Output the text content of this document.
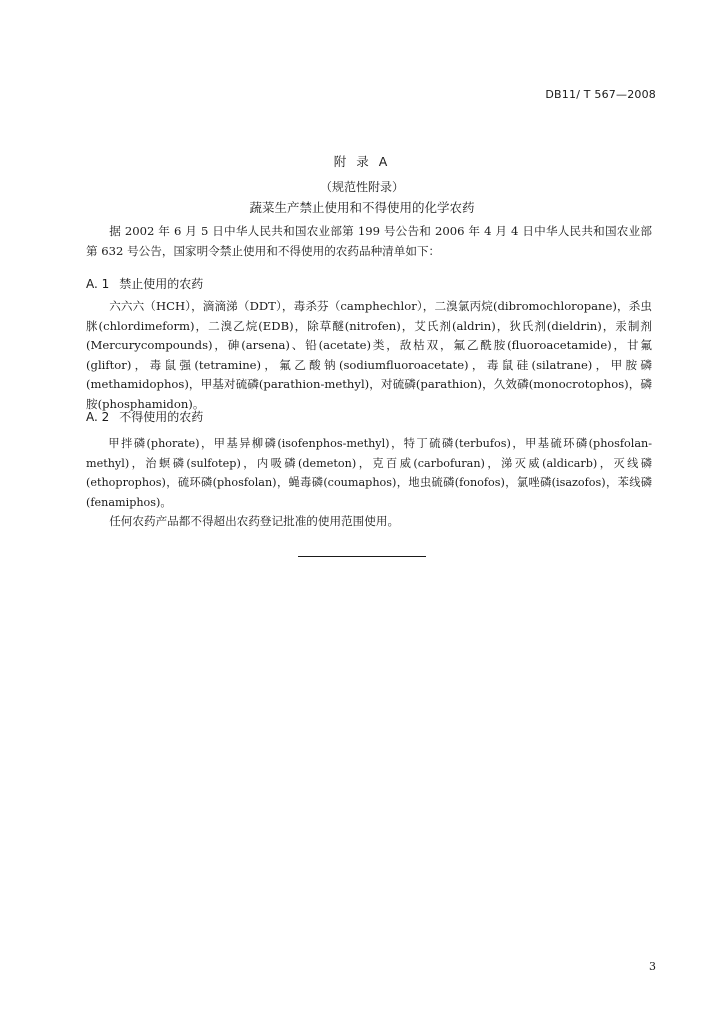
DB11/ T 567—2008
附 录 A
（规范性附录）
蔬菜生产禁止使用和不得使用的化学农药

据 2002 年 6 月 5 日中华人民共和国农业部第 199 号公告和 2006 年 4 月 4 日中华人民共和国农业部第 632 号公告，国家明令禁止使用和不得使用的农药品种清单如下：

A. 1 禁止使用的农药

六六六（HCH），滴滴涕（DDT），毒杀芬（camphechlor），二溴氯丙烷(dibromochloropane)，杀虫脒(chlordimeform)，二溴乙烷(EDB)，除草醚(nitrofen)，艾氏剂(aldrin)，狄氏剂(dieldrin)，汞制剂(Mercurycompounds)，砷(arsena)、铅(acetate)类，敌枯双，氟乙酰胺(fluoroacetamide)，甘氟(gliftor)，毒鼠强(tetramine)，氟乙酸钠(sodiumfluoroacetate)，毒鼠硅(silatrane)，甲胺磷(methamidophos)，甲基对硫磷(parathion-methyl)，对硫磷(parathion)，久效磷(monocrotophos)，磷胺(phosphamidon)。

A. 2 不得使用的农药

甲拌磷(phorate)，甲基异柳磷(isofenphos-methyl)，特丁硫磷(terbufos)，甲基硫环磷(phosfolan-methyl)，治螟磷(sulfotep)，内吸磷(demeton)，克百威(carbofuran)，涕灭威(aldicarb)，灭线磷(ethoprophos)，硫环磷(phosfolan)，蝇毒磷(coumaphos)，地虫硫磷(fonofos)，氯唑磷(isazofos)，苯线磷(fenamiphos)。

任何农药产品都不得超出农药登记批准的使用范围使用。

3
